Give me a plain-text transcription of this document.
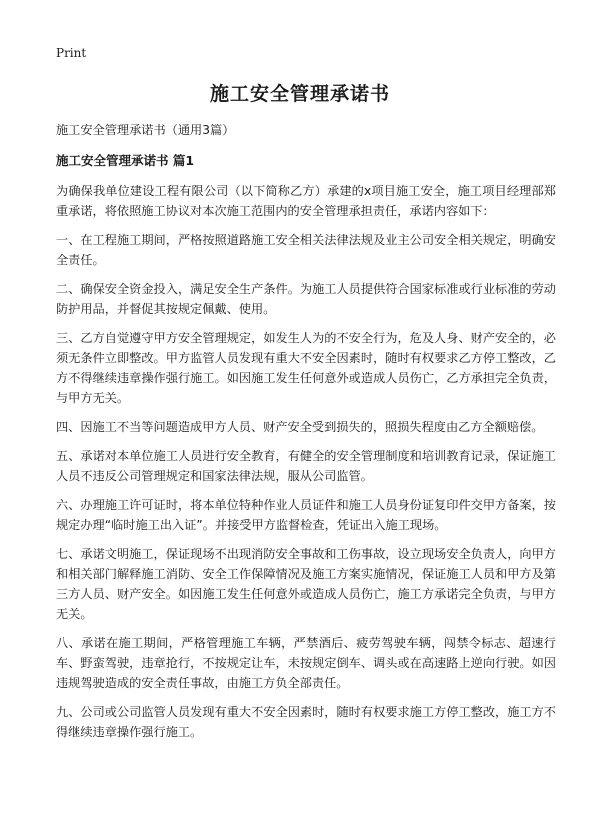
Print
施工安全管理承诺书

施工安全管理承诺书（通用3篇）

施工安全管理承诺书 篇1

为确保我单位建设工程有限公司（以下简称乙方）承建的x项目施工安全，施工项目经理部郑重承诺，将依照施工协议对本次施工范围内的安全管理承担责任，承诺内容如下：

一、在工程施工期间，严格按照道路施工安全相关法律法规及业主公司安全相关规定，明确安全责任。

二、确保安全资金投入，满足安全生产条件。为施工人员提供符合国家标准或行业标准的劳动防护用品，并督促其按规定佩戴、使用。

三、乙方自觉遵守甲方安全管理规定，如发生人为的不安全行为，危及人身、财产安全的，必须无条件立即整改。甲方监管人员发现有重大不安全因素时，随时有权要求乙方停工整改，乙方不得继续违章操作强行施工。如因施工发生任何意外或造成人员伤亡，乙方承担完全负责，与甲方无关。

四、因施工不当等问题造成甲方人员、财产安全受到损失的，照损失程度由乙方全额赔偿。

五、承诺对本单位施工人员进行安全教育，有健全的安全管理制度和培训教育记录，保证施工人员不违反公司管理规定和国家法律法规，服从公司监管。

六、办理施工许可证时，将本单位特种作业人员证件和施工人员身份证复印件交甲方备案，按规定办理“临时施工出入证”。并接受甲方监督检查，凭证出入施工现场。

七、承诺文明施工，保证现场不出现消防安全事故和工伤事故，设立现场安全负责人，向甲方和相关部门解释施工消防、安全工作保障情况及施工方案实施情况，保证施工人员和甲方及第三方人员、财产安全。如因施工发生任何意外或造成人员伤亡，施工方承诺完全负责，与甲方无关。

八、承诺在施工期间，严格管理施工车辆，严禁酒后、疲劳驾驶车辆，闯禁令标志、超速行车、野蛮驾驶，违章抢行，不按规定让车，未按规定倒车、调头或在高速路上逆向行驶。如因违规驾驶造成的安全责任事故，由施工方负全部责任。

九、公司或公司监管人员发现有重大不安全因素时，随时有权要求施工方停工整改，施工方不得继续违章操作强行施工。
